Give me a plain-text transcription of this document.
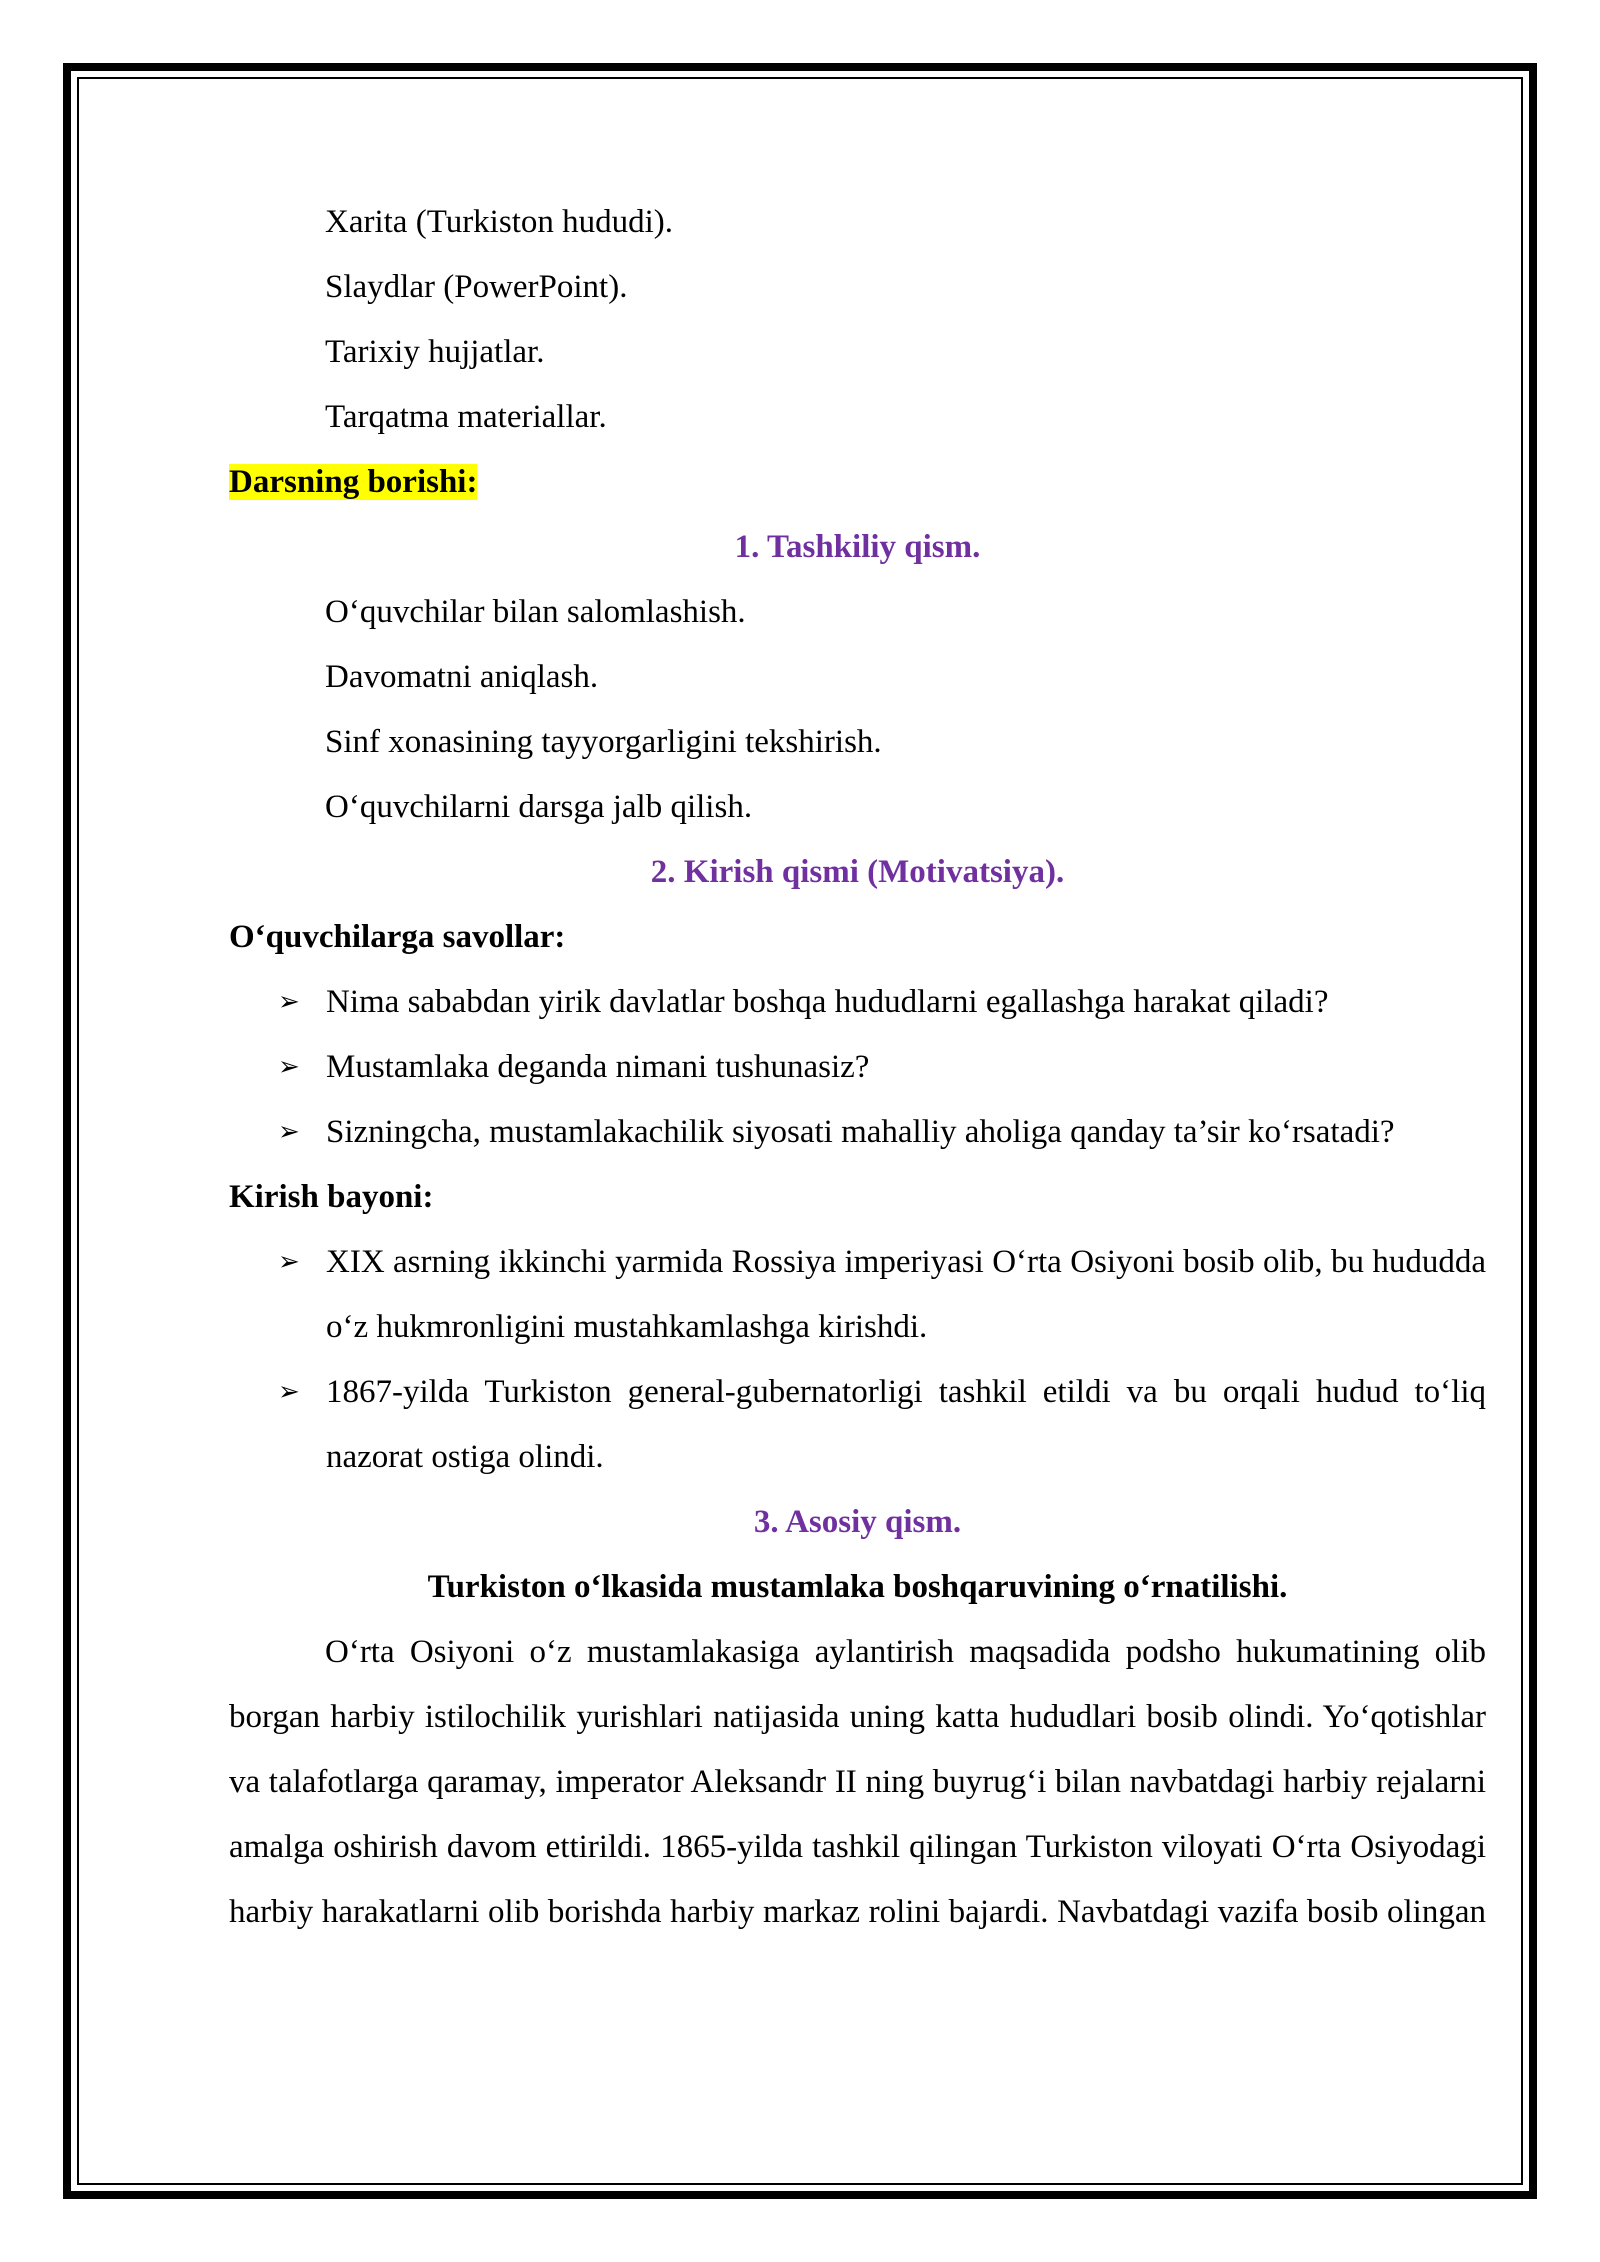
Xarita (Turkiston hududi).

Slaydlar (PowerPoint).

Tarixiy hujjatlar.

Tarqatma materiallar.

Darsning borishi:

1. Tashkiliy qism.

O‘quvchilar bilan salomlashish.

Davomatni aniqlash.

Sinf xonasining tayyorgarligini tekshirish.

O‘quvchilarni darsga jalb qilish.

2. Kirish qismi (Motivatsiya).

O‘quvchilarga savollar:

➢ Nima sababdan yirik davlatlar boshqa hududlarni egallashga harakat qiladi?

➢ Mustamlaka deganda nimani tushunasiz?

➢ Sizningcha, mustamlakachilik siyosati mahalliy aholiga qanday ta’sir ko‘rsatadi?

Kirish bayoni:

➢ XIX asrning ikkinchi yarmida Rossiya imperiyasi O‘rta Osiyoni bosib olib, bu hududda o‘z hukmronligini mustahkamlashga kirishdi.

➢ 1867-yilda Turkiston general-gubernatorligi tashkil etildi va bu orqali hudud to‘liq nazorat ostiga olindi.

3. Asosiy qism.

Turkiston o‘lkasida mustamlaka boshqaruvining o‘rnatilishi.

O‘rta Osiyoni o‘z mustamlakasiga aylantirish maqsadida podsho hukumatining olib borgan harbiy istilochilik yurishlari natijasida uning katta hududlari bosib olindi. Yo‘qotishlar va talafotlarga qaramay, imperator Aleksandr II ning buyrug‘i bilan navbatdagi harbiy rejalarni amalga oshirish davom ettirildi. 1865-yilda tashkil qilingan Turkiston viloyati O‘rta Osiyodagi harbiy harakatlarni olib borishda harbiy markaz rolini bajardi. Navbatdagi vazifa bosib olingan
